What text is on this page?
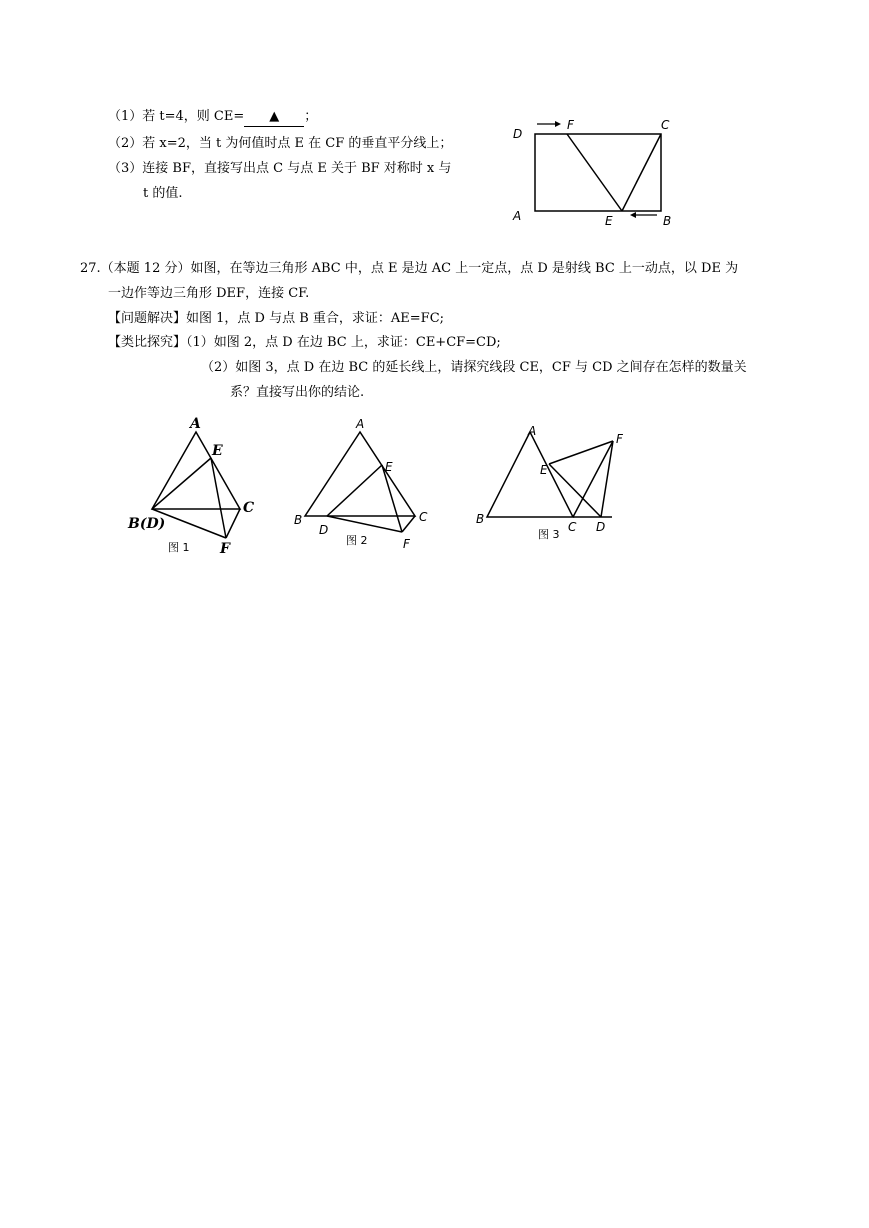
（1）若 t=4，则 CE= ▲ ；
（2）若 x=2，当 t 为何值时点 E 在 CF 的垂直平分线上；
（3）连接 BF，直接写出点 C 与点 E 关于 BF 对称时 x 与
t 的值.
D
F	C
A	E	B
27.（本题 12 分）如图，在等边三角形 ABC 中，点 E 是边 AC 上一定点，点 D 是射线 BC 上一动点，以 DE 为
一边作等边三角形 DEF，连接 CF.
【问题解决】如图 1，点 D 与点 B 重合，求证：AE=FC;
【类比探究】（1）如图 2，点 D 在边 BC 上，求证：CE+CF=CD;
（2）如图 3，点 D 在边 BC 的延长线上，请探究线段 CE，CF 与 CD 之间存在怎样的数量关
系？直接写出你的结论.
A
E
C
B(D)
F
图 1
A
E
B	C
D
F
图 2
A
F
E
B
C D
图 3
